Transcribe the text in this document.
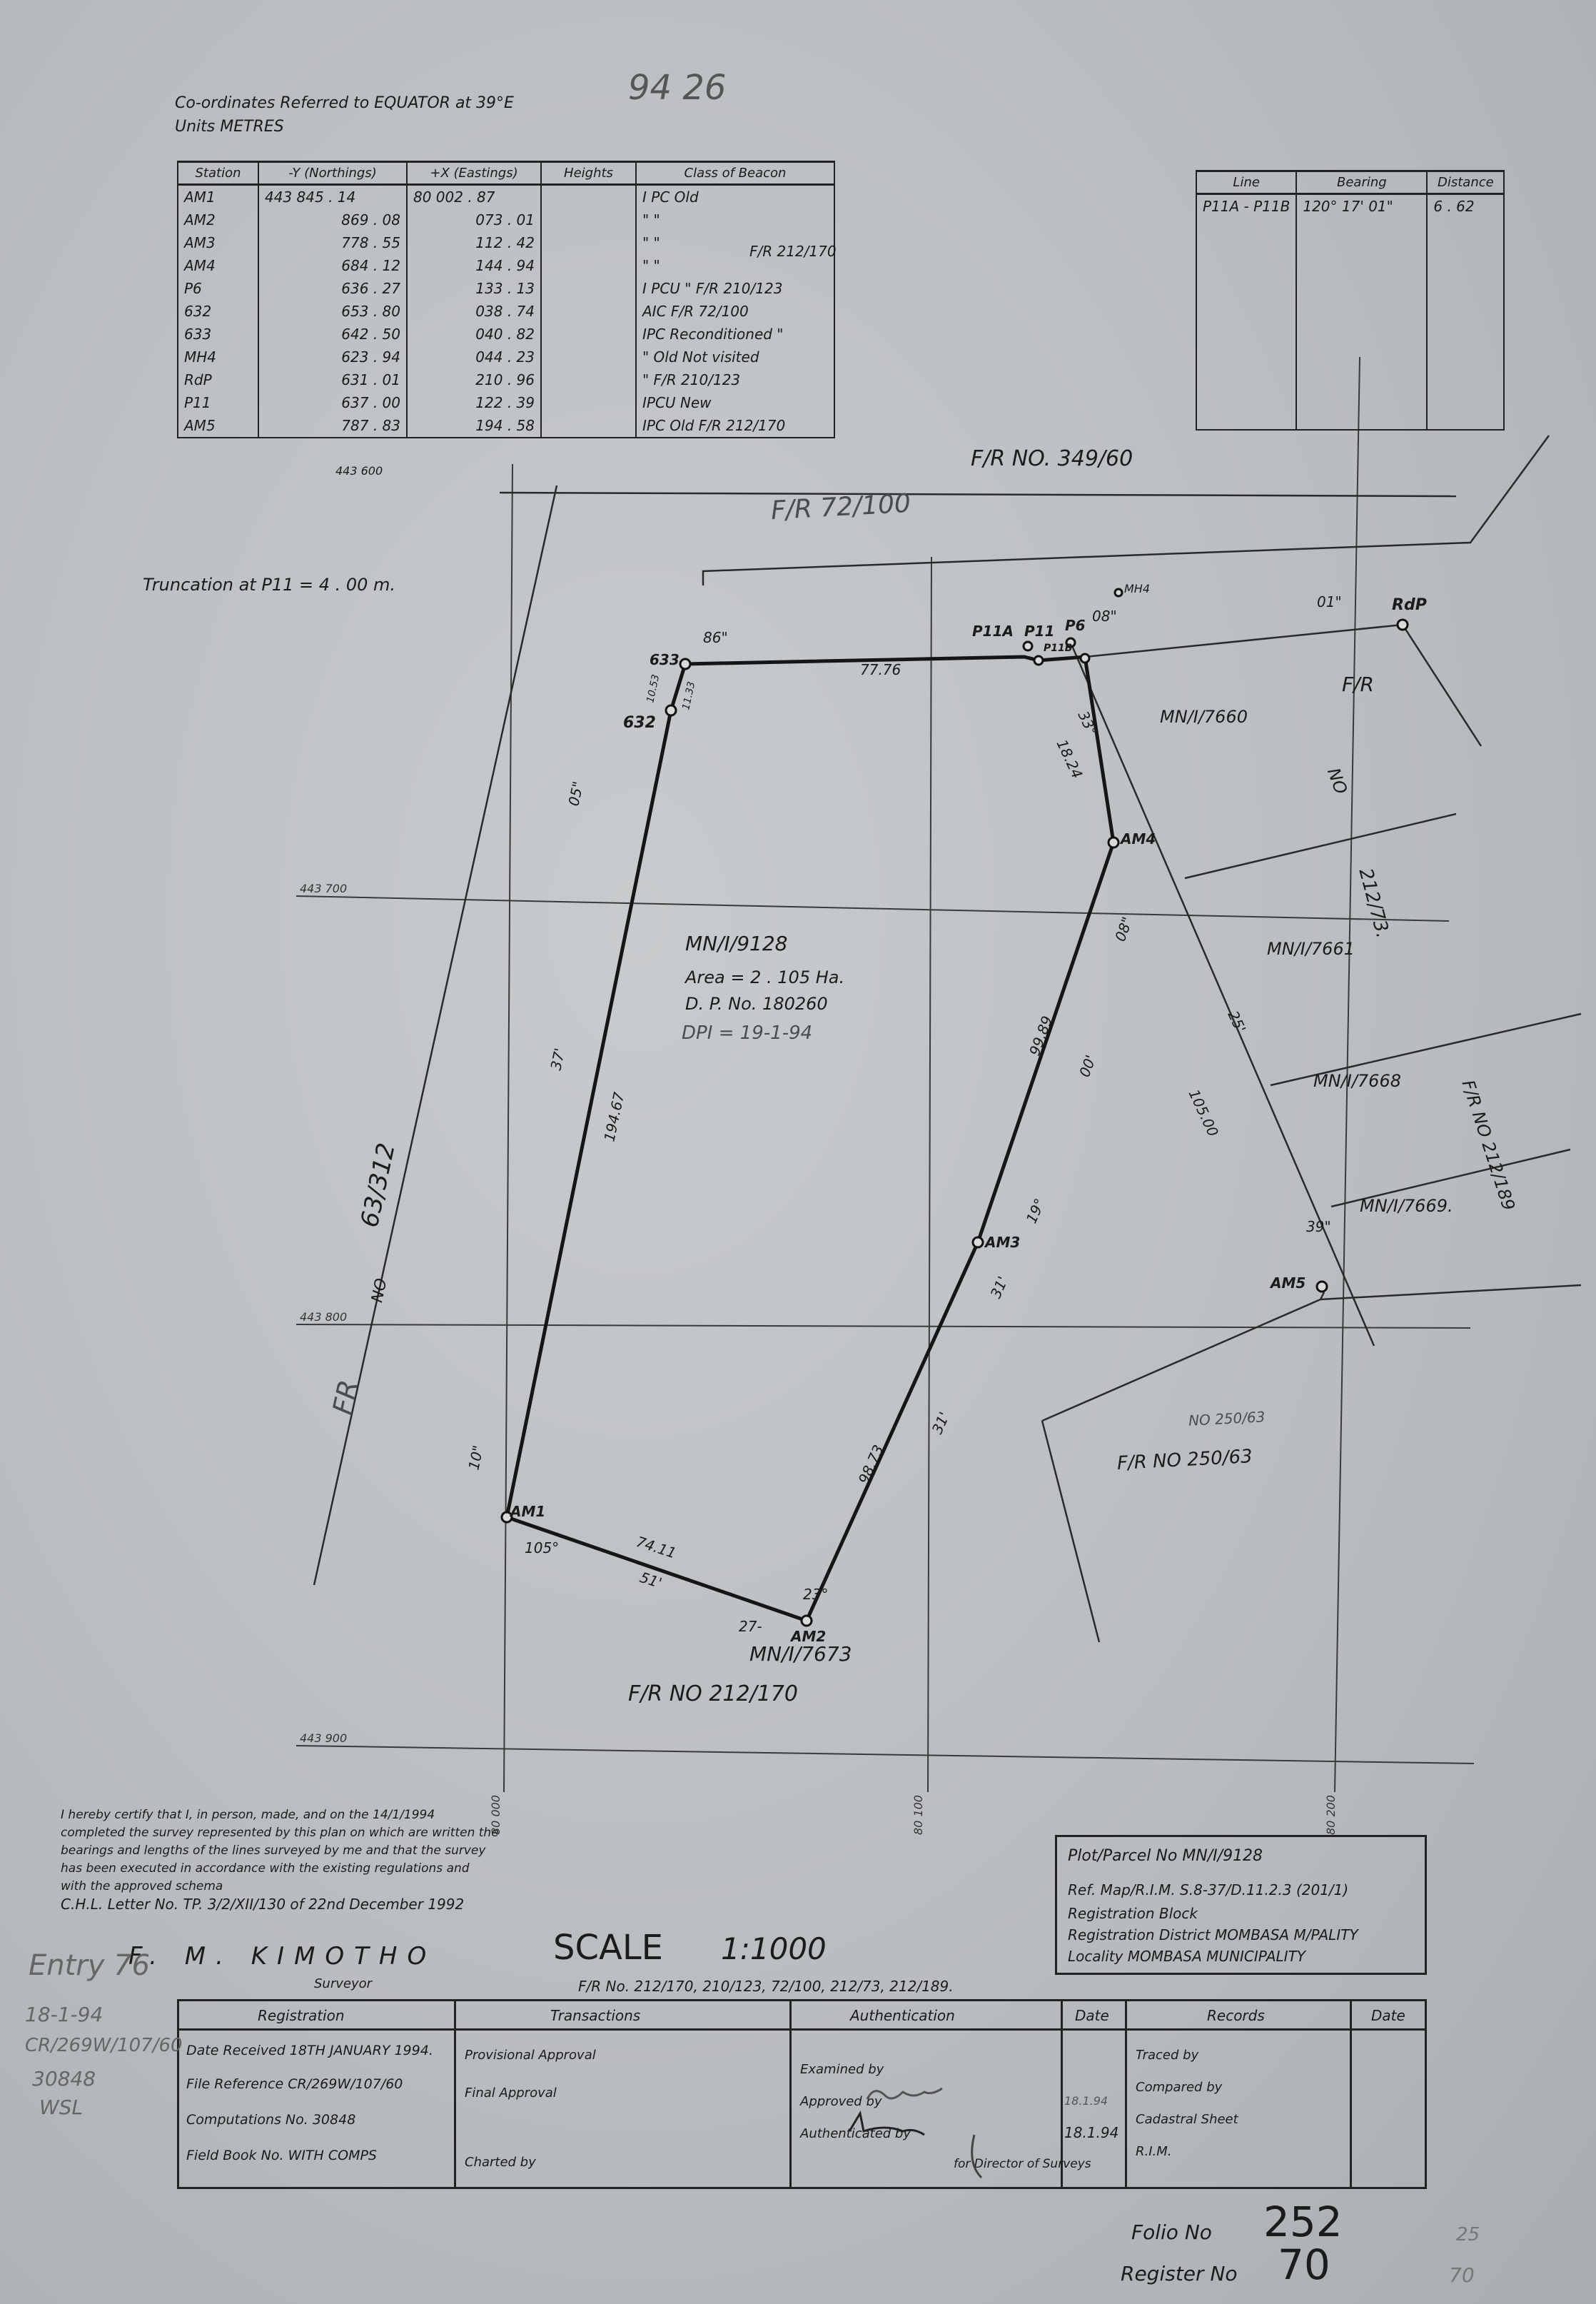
443 700
443 800
443 900
80 000	80 100	80 200
77.76
86"
33°
18.24
05"
37'
194.67
10"
105°	74.11
51'
27-
23°
98.73
31'
31'
19°
99.89
00'
08"
25'
105.00
39"
01"
08"
11.33
10.53
94 26
Co-ordinates Referred to EQUATOR at 39°E
Units METRES
Station	-Y (Northings)	+X (Eastings)	Heights	Class of Beacon
AM1	443 845 . 14	80 002 . 87		I PC Old
AM2	869 . 08	073 . 01		" "
AM3	778 . 55	112 . 42		" "
AM4	684 . 12	144 . 94		" "
P6	636 . 27	133 . 13		I PCU " F/R 210/123
632	653 . 80	038 . 74		AIC F/R 72/100
633	642 . 50	040 . 82		IPC Reconditioned "
MH4	623 . 94	044 . 23		" Old Not visited
RdP	631 . 01	210 . 96		" F/R 210/123
P11	637 . 00	122 . 39		IPCU New
AM5	787 . 83	194 . 58		IPC Old F/R 212/170
F/R 212/170
443 600
Line	Bearing	Distance
P11A - P11B	120° 17' 01"	6 . 62
Truncation at P11 = 4 . 00 m.
MN/I/9128
Area = 2 . 105 Ha.
D. P. No. 180260
DPI = 19-1-94
F/R NO. 349/60
F/R 72/100
MN/I/7660
F/R
NO
212/73.
MN/I/7661
MN/I/7668	F/R NO 212/189
MN/I/7669.
F/R NO 250/63
NO 250/63
MN/I/7673
F/R NO 212/170
63/312
NO
FR
AM1
AM2
AM3
AM4
AM5
632
633
P11A P11
P11B
P6
MH4
RdP
I hereby certify that I, in person, made, and on the 14/1/1994
completed the survey represented by this plan on which are written the
bearings and lengths of the lines surveyed by me and that the survey
has been executed in accordance with the existing regulations and
with the approved schema
C.H.L. Letter No. TP. 3/2/XII/130 of 22nd December 1992
F. M. KIMOTHO
Surveyor
SCALE 1:1000
F/R No. 212/170, 210/123, 72/100, 212/73, 212/189.
Plot/Parcel No MN/I/9128
Ref. Map/R.I.M. S.8-37/D.11.2.3 (201/1)
Registration Block
Registration District MOMBASA M/PALITY
Locality MOMBASA MUNICIPALITY
Registration	Transactions	Authentication	Date	Records	Date
Date Received 18TH JANUARY 1994.
File Reference CR/269W/107/60
Computations No. 30848
Field Book No. WITH COMPS
Provisional Approval
Final Approval
Charted by
Examined by
Approved by
Authenticated by
18.1.94
18.1.94
for Director of Surveys
Traced by
Compared by
Cadastral Sheet
R.I.M.
Entry 76
18-1-94
CR/269W/107/60
30848
WSL
Folio No 252
Register No 70
25
70
